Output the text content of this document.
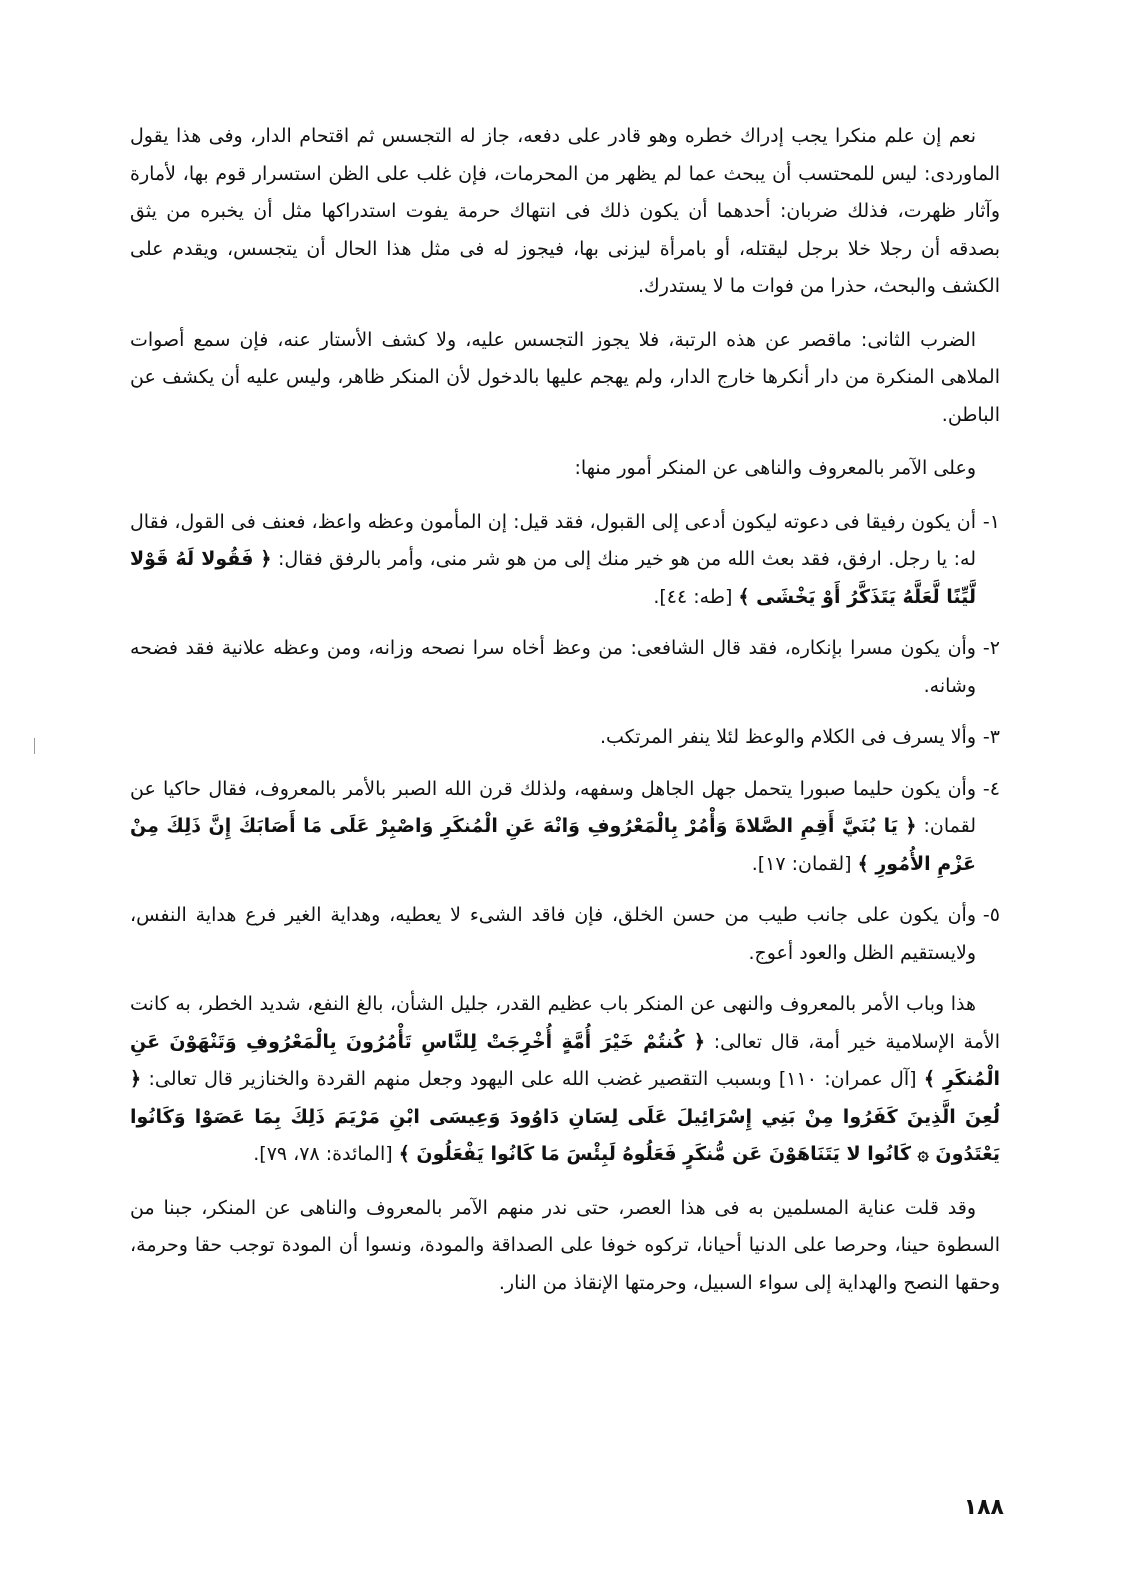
نعم إن علم منكرا يجب إدراك خطره وهو قادر على دفعه، جاز له التجسس ثم اقتحام الدار، وفى هذا يقول الماوردى: ليس للمحتسب أن يبحث عما لم يظهر من المحرمات، فإن غلب على الظن استسرار قوم بها، لأمارة وآثار ظهرت، فذلك ضربان: أحدهما أن يكون ذلك فى انتهاك حرمة يفوت استدراكها مثل أن يخبره من يثق بصدقه أن رجلا خلا برجل ليقتله، أو بامرأة ليزنى بها، فيجوز له فى مثل هذا الحال أن يتجسس، ويقدم على الكشف والبحث، حذرا من فوات ما لا يستدرك.

الضرب الثانى: ماقصر عن هذه الرتبة، فلا يجوز التجسس عليه، ولا كشف الأستار عنه، فإن سمع أصوات الملاهى المنكرة من دار أنكرها خارج الدار، ولم يهجم عليها بالدخول لأن المنكر ظاهر، وليس عليه أن يكشف عن الباطن.

وعلى الآمر بالمعروف والناهى عن المنكر أمور منها:

١-
أن يكون رفيقا فى دعوته ليكون أدعى إلى القبول، فقد قيل: إن المأمون وعظه واعظ، فعنف فى القول، فقال له: يا رجل. ارفق، فقد بعث الله من هو خير منك إلى من هو شر منى، وأمر بالرفق فقال: ﴿ فَقُولا لَهُ قَوْلا لَّيِّنًا لَّعَلَّهُ يَتَذَكَّرُ أَوْ يَخْشَى ﴾ [طه: ٤٤].
٢-
وأن يكون مسرا بإنكاره، فقد قال الشافعى: من وعظ أخاه سرا نصحه وزانه، ومن وعظه علانية فقد فضحه وشانه.
٣-
وألا يسرف فى الكلام والوعظ لئلا ينفر المرتكب.
٤-
وأن يكون حليما صبورا يتحمل جهل الجاهل وسفهه، ولذلك قرن الله الصبر بالأمر بالمعروف، فقال حاكيا عن لقمان: ﴿ يَا بُنَيَّ أَقِمِ الصَّلاةَ وَأْمُرْ بِالْمَعْرُوفِ وَانْهَ عَنِ الْمُنكَرِ وَاصْبِرْ عَلَى مَا أَصَابَكَ إِنَّ ذَلِكَ مِنْ عَزْمِ الأُمُورِ ﴾ [لقمان: ١٧].
٥-
وأن يكون على جانب طيب من حسن الخلق، فإن فاقد الشىء لا يعطيه، وهداية الغير فرع هداية النفس، ولايستقيم الظل والعود أعوج.

هذا وباب الأمر بالمعروف والنهى عن المنكر باب عظيم القدر، جليل الشأن، بالغ النفع، شديد الخطر، به كانت الأمة الإسلامية خير أمة، قال تعالى: ﴿ كُنتُمْ خَيْرَ أُمَّةٍ أُخْرِجَتْ لِلنَّاسِ تَأْمُرُونَ بِالْمَعْرُوفِ وَتَنْهَوْنَ عَنِ الْمُنكَرِ ﴾ [آل عمران: ١١٠] وبسبب التقصير غضب الله على اليهود وجعل منهم القردة والخنازير قال تعالى: ﴿ لُعِنَ الَّذِينَ كَفَرُوا مِنْ بَنِي إِسْرَائِيلَ عَلَى لِسَانِ دَاوُودَ وَعِيسَى ابْنِ مَرْيَمَ ذَلِكَ بِمَا عَصَوْا وَكَانُوا يَعْتَدُونَ ۞ كَانُوا لا يَتَنَاهَوْنَ عَن مُّنكَرٍ فَعَلُوهُ لَبِئْسَ مَا كَانُوا يَفْعَلُونَ ﴾ [المائدة: ٧٨، ٧٩].

وقد قلت عناية المسلمين به فى هذا العصر، حتى ندر منهم الآمر بالمعروف والناهى عن المنكر، جبنا من السطوة حينا، وحرصا على الدنيا أحيانا، تركوه خوفا على الصداقة والمودة، ونسوا أن المودة توجب حقا وحرمة، وحقها النصح والهداية إلى سواء السبيل، وحرمتها الإنقاذ من النار.

١٨٨
